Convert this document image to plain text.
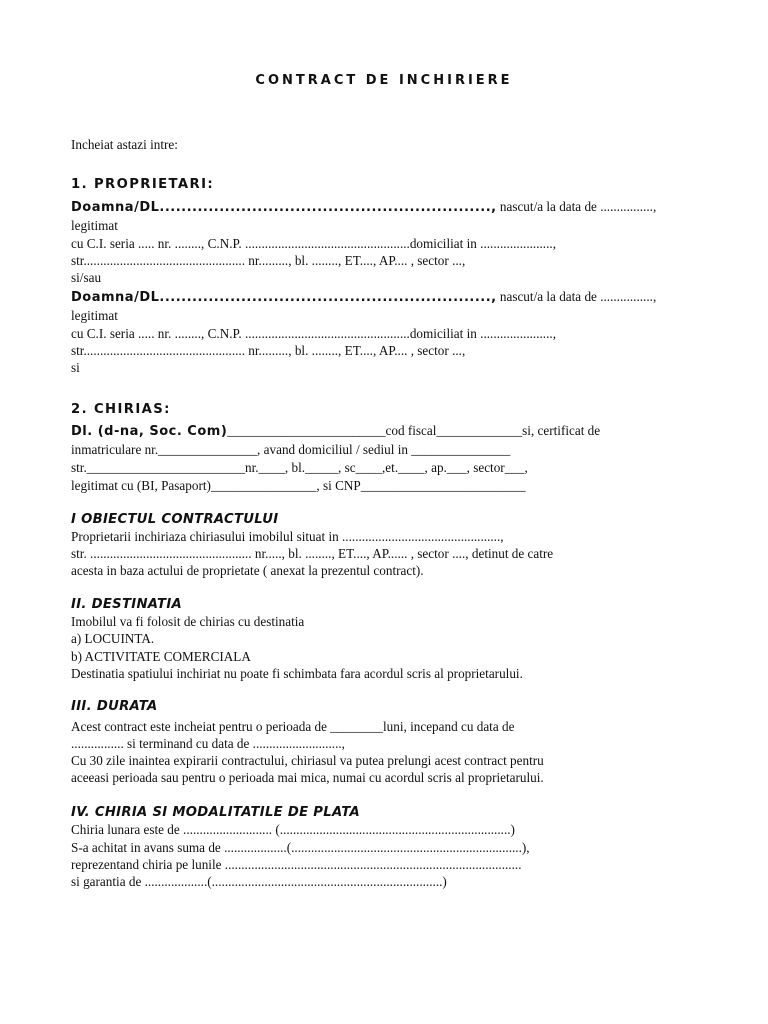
CONTRACT DE INCHIRIERE
Incheiat astazi intre:
1. PROPRIETARI:
Doamna/DL............................................................., nascut/a la data de ................,
legitimat
cu C.I. seria ..... nr. ........, C.N.P. ..................................................domiciliat in ......................,
str................................................. nr........., bl. ........, ET...., AP.... , sector ...,
si/sau
Doamna/DL............................................................., nascut/a la data de ................,
legitimat
cu C.I. seria ..... nr. ........, C.N.P. ..................................................domiciliat in ......................,
str................................................. nr........., bl. ........, ET...., AP.... , sector ...,
si
2. CHIRIAS:
Dl. (d-na, Soc. Com)________________________cod fiscal_____________si, certificat de
inmatriculare nr._______________, avand domiciliul / sediul in _______________
str.________________________nr.____, bl._____, sc____,et.____, ap.___, sector___,
legitimat cu (BI, Pasaport)________________, si CNP_________________________
I OBIECTUL CONTRACTULUI
Proprietarii inchiriaza chiriasului imobilul situat in ................................................,
str. ................................................. nr....., bl. ........, ET...., AP...... , sector ...., detinut de catre
acesta in baza actului de proprietate ( anexat la prezentul contract).
II. DESTINATIA
Imobilul va fi folosit de chirias cu destinatia
a) LOCUINTA.
b) ACTIVITATE COMERCIALA
Destinatia spatiului inchiriat nu poate fi schimbata fara acordul scris al proprietarului.
III. DURATA
Acest contract este incheiat pentru o perioada de ________luni, incepand cu data de
................ si terminand cu data de ...........................,
Cu 30 zile inaintea expirarii contractului, chiriasul va putea prelungi acest contract pentru
aceeasi perioada sau pentru o perioada mai mica, numai cu acordul scris al proprietarului.
IV. CHIRIA SI MODALITATILE DE PLATA
Chiria lunara este de ........................... (......................................................................)
S-a achitat in avans suma de ...................(......................................................................),
reprezentand chiria pe lunile ..........................................................................................
si garantia de ...................(......................................................................)
